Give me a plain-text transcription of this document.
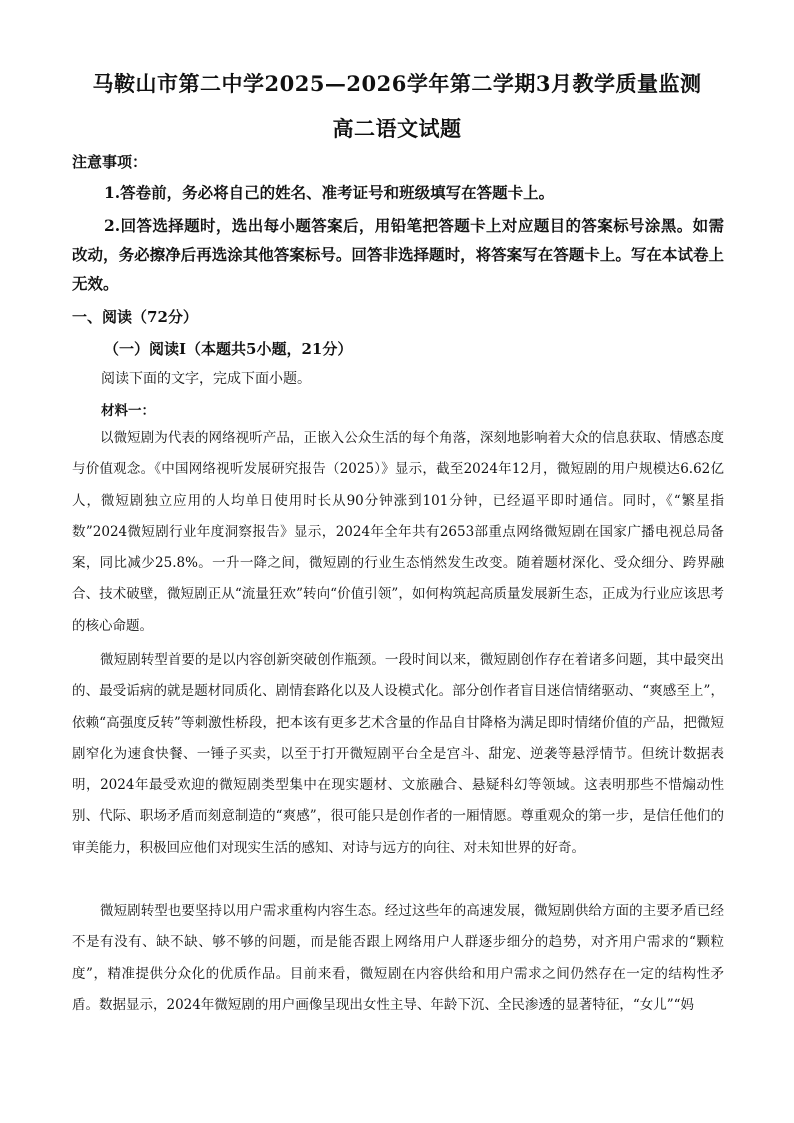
马鞍山市第二中学2025—2026学年第二学期3月教学质量监测
高二语文试题
注意事项：

1.答卷前，务必将自己的姓名、准考证号和班级填写在答题卡上。

2.回答选择题时，选出每小题答案后，用铅笔把答题卡上对应题目的答案标号涂黑。如需改动，务必擦净后再选涂其他答案标号。回答非选择题时，将答案写在答题卡上。写在本试卷上无效。

一、阅读（72分）
（一）阅读Ⅰ（本题共5小题，21分）
阅读下面的文字，完成下面小题。
材料一：

以微短剧为代表的网络视听产品，正嵌入公众生活的每个角落，深刻地影响着大众的信息获取、情感态度与价值观念。《中国网络视听发展研究报告（2025）》显示，截至2024年12月，微短剧的用户规模达6.62亿人，微短剧独立应用的人均单日使用时长从90分钟涨到101分钟，已经逼平即时通信。同时，《“繁星指数”2024微短剧行业年度洞察报告》显示，2024年全年共有2653部重点网络微短剧在国家广播电视总局备案，同比减少25.8%。一升一降之间，微短剧的行业生态悄然发生改变。随着题材深化、受众细分、跨界融合、技术破壁，微短剧正从“流量狂欢”转向“价值引领”，如何构筑起高质量发展新生态，正成为行业应该思考的核心命题。

微短剧转型首要的是以内容创新突破创作瓶颈。一段时间以来，微短剧创作存在着诸多问题，其中最突出的、最受诟病的就是题材同质化、剧情套路化以及人设模式化。部分创作者盲目迷信情绪驱动、“爽感至上”，依赖“高强度反转”等刺激性桥段，把本该有更多艺术含量的作品自甘降格为满足即时情绪价值的产品，把微短剧窄化为速食快餐、一锤子买卖，以至于打开微短剧平台全是宫斗、甜宠、逆袭等悬浮情节。但统计数据表明，2024年最受欢迎的微短剧类型集中在现实题材、文旅融合、悬疑科幻等领域。这表明那些不惜煽动性别、代际、职场矛盾而刻意制造的“爽感”，很可能只是创作者的一厢情愿。尊重观众的第一步，是信任他们的审美能力，积极回应他们对现实生活的感知、对诗与远方的向往、对未知世界的好奇。

微短剧转型也要坚持以用户需求重构内容生态。经过这些年的高速发展，微短剧供给方面的主要矛盾已经不是有没有、缺不缺、够不够的问题，而是能否跟上网络用户人群逐步细分的趋势，对齐用户需求的“颗粒度”，精准提供分众化的优质作品。目前来看，微短剧在内容供给和用户需求之间仍然存在一定的结构性矛盾。数据显示，2024年微短剧的用户画像呈现出女性主导、年龄下沉、全民渗透的显著特征，“女儿”“妈
